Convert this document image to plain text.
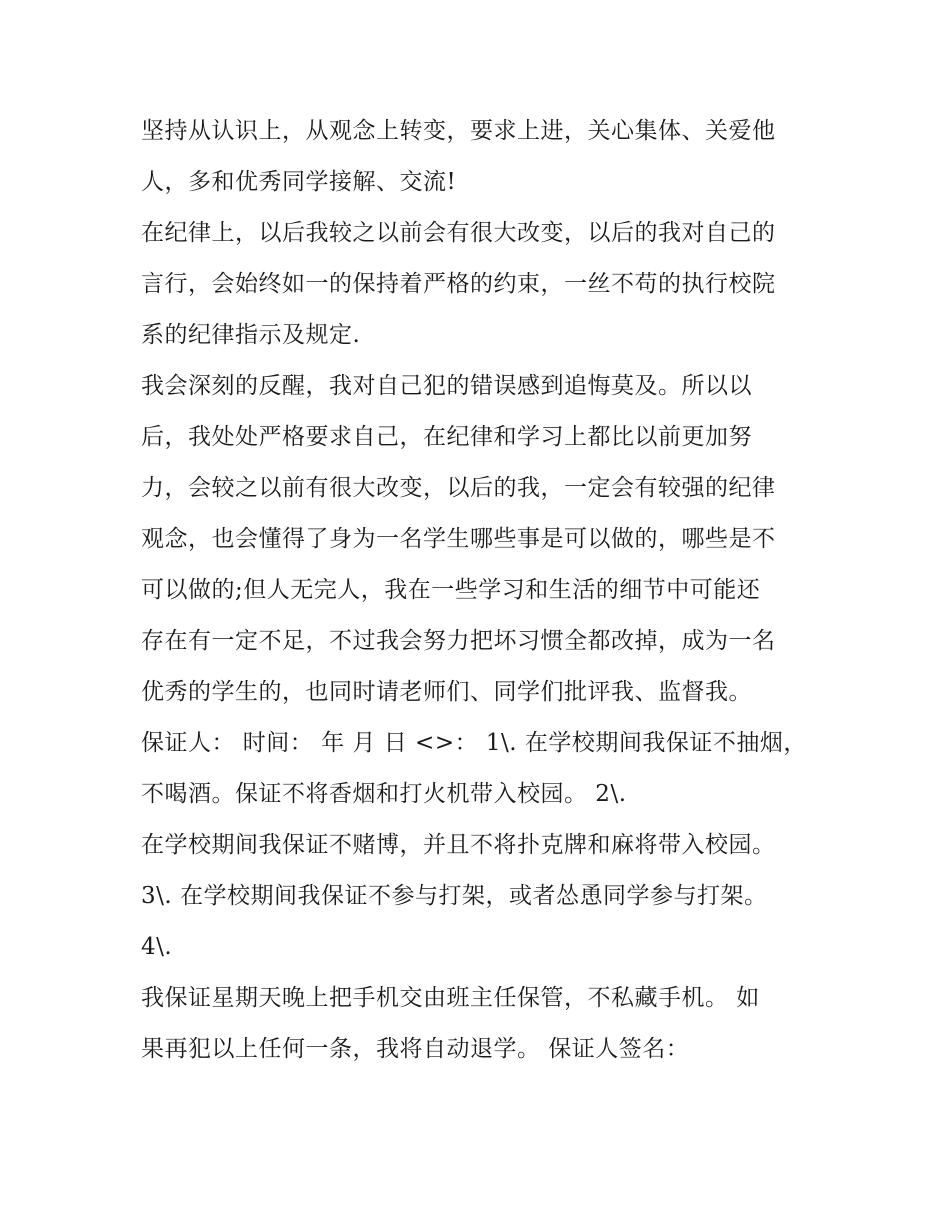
坚持从认识上，从观念上转变，要求上进，关心集体、关爱他
人，多和优秀同学接解、交流!
在纪律上，以后我较之以前会有很大改变，以后的我对自己的
言行，会始终如一的保持着严格的约束，一丝不苟的执行校院
系的纪律指示及规定.
我会深刻的反醒，我对自己犯的错误感到追悔莫及。所以以
后，我处处严格要求自己，在纪律和学习上都比以前更加努
力，会较之以前有很大改变，以后的我，一定会有较强的纪律
观念，也会懂得了身为一名学生哪些事是可以做的，哪些是不
可以做的;但人无完人，我在一些学习和生活的细节中可能还
存在有一定不足，不过我会努力把坏习惯全都改掉，成为一名
优秀的学生的，也同时请老师们、同学们批评我、监督我。
保证人： 时间： 年 月 日 <>： 1\. 在学校期间我保证不抽烟，
不喝酒。保证不将香烟和打火机带入校园。 2\.
在学校期间我保证不赌博，并且不将扑克牌和麻将带入校园。
3\. 在学校期间我保证不参与打架，或者怂恿同学参与打架。
4\.
我保证星期天晚上把手机交由班主任保管，不私藏手机。 如
果再犯以上任何一条，我将自动退学。 保证人签名：
